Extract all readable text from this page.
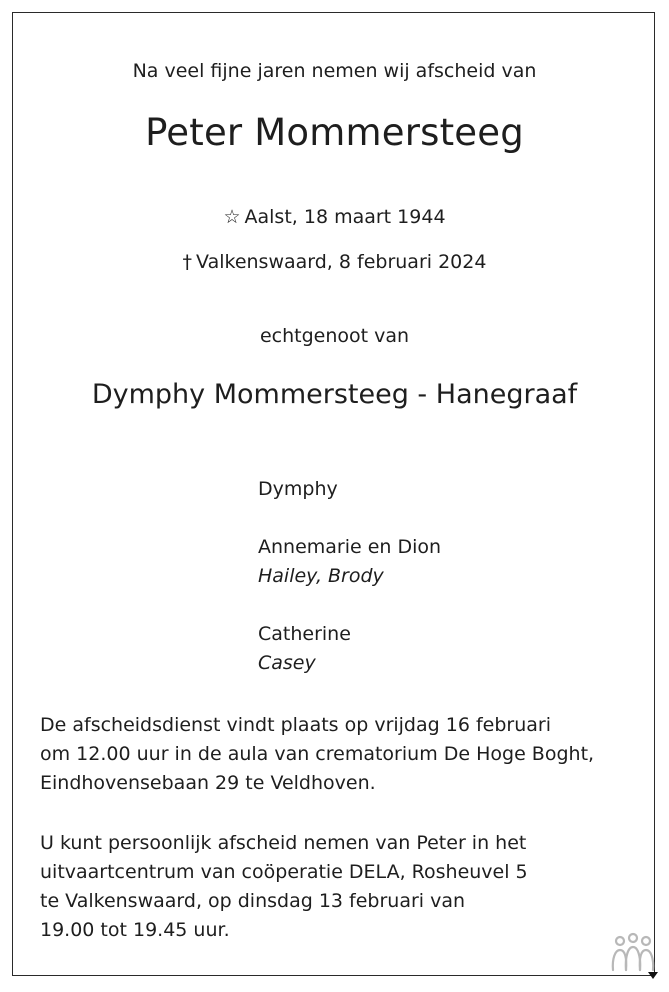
Na veel fijne jaren nemen wij afscheid van
Peter Mommersteeg
☆ Aalst, 18 maart 1944
† Valkenswaard, 8 februari 2024
echtgenoot van
Dymphy Mommersteeg - Hanegraaf
Dymphy
Annemarie en Dion
Hailey, Brody
Catherine
Casey
De afscheidsdienst vindt plaats op vrijdag 16 februari
om 12.00 uur in de aula van crematorium De Hoge Boght,
Eindhovensebaan 29 te Veldhoven.
U kunt persoonlijk afscheid nemen van Peter in het
uitvaartcentrum van coöperatie DELA, Rosheuvel 5
te Valkenswaard, op dinsdag 13 februari van
19.00 tot 19.45 uur.
